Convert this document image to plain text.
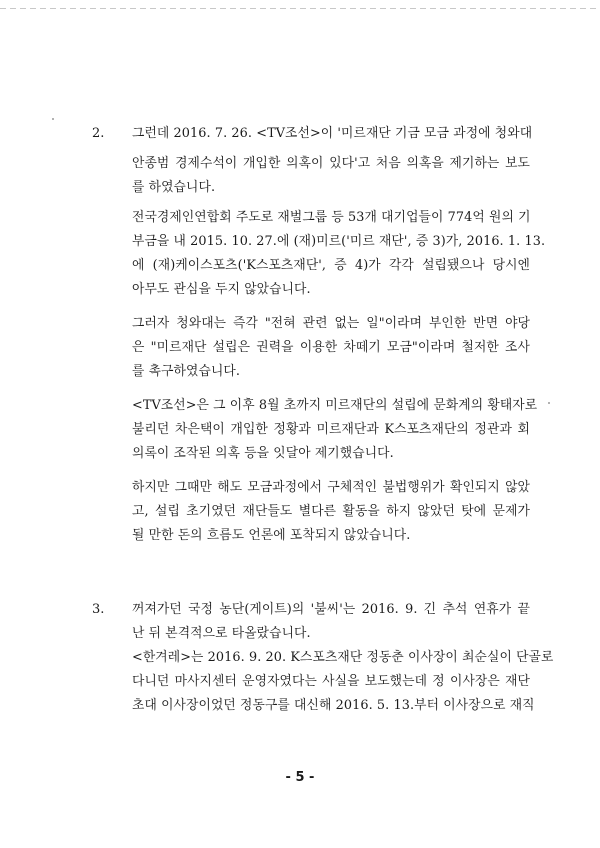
2. 그런데 2016. 7. 26. <TV조선>이 '미르재단 기금 모금 과정에 청와대
안종범 경제수석이 개입한 의혹이 있다'고 처음 의혹을 제기하는 보도
를 하였습니다.
전국경제인연합회 주도로 재벌그룹 등 53개 대기업들이 774억 원의 기
부금을 내 2015. 10. 27.에 (재)미르('미르 재단', 증 3)가, 2016. 1. 13.
에 (재)케이스포츠('K스포츠재단', 증 4)가 각각 설립됐으나 당시엔
아무도 관심을 두지 않았습니다.
그러자 청와대는 즉각 "전혀 관련 없는 일"이라며 부인한 반면 야당
은 "미르재단 설립은 권력을 이용한 차떼기 모금"이라며 철저한 조사
를 촉구하였습니다.
<TV조선>은 그 이후 8월 초까지 미르재단의 설립에 문화계의 황태자로
불리던 차은택이 개입한 정황과 미르재단과 K스포츠재단의 정관과 회
의록이 조작된 의혹 등을 잇달아 제기했습니다.
하지만 그때만 해도 모금과정에서 구체적인 불법행위가 확인되지 않았
고, 설립 초기였던 재단들도 별다른 활동을 하지 않았던 탓에 문제가
될 만한 돈의 흐름도 언론에 포착되지 않았습니다.
3. 꺼져가던 국정 농단(게이트)의 '불씨'는 2016. 9. 긴 추석 연휴가 끝
난 뒤 본격적으로 타올랐습니다.
<한겨레>는 2016. 9. 20. K스포츠재단 정동춘 이사장이 최순실이 단골로
다니던 마사지센터 운영자였다는 사실을 보도했는데 정 이사장은 재단
초대 이사장이었던 정동구를 대신해 2016. 5. 13.부터 이사장으로 재직
- 5 -
